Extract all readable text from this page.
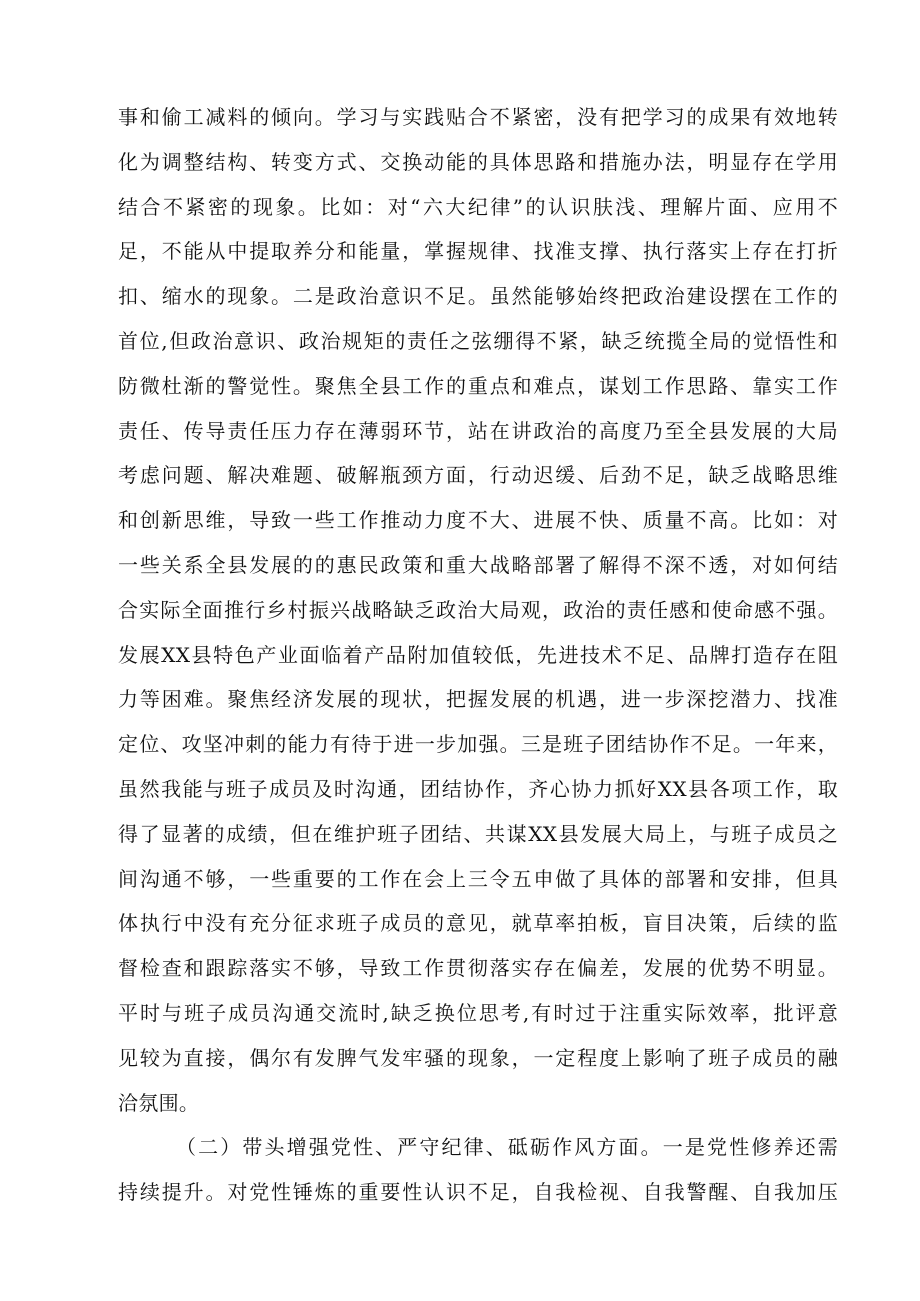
事和偷工减料的倾向。学习与实践贴合不紧密，没有把学习的成果有效地转
化为调整结构、转变方式、交换动能的具体思路和措施办法，明显存在学用
结合不紧密的现象。比如：对“六大纪律”的认识肤浅、理解片面、应用不
足，不能从中提取养分和能量，掌握规律、找准支撑、执行落实上存在打折
扣、缩水的现象。二是政治意识不足。虽然能够始终把政治建设摆在工作的
首位,但政治意识、政治规矩的责任之弦绷得不紧，缺乏统揽全局的觉悟性和
防微杜渐的警觉性。聚焦全县工作的重点和难点，谋划工作思路、靠实工作
责任、传导责任压力存在薄弱环节，站在讲政治的高度乃至全县发展的大局
考虑问题、解决难题、破解瓶颈方面，行动迟缓、后劲不足，缺乏战略思维
和创新思维，导致一些工作推动力度不大、进展不快、质量不高。比如：对
一些关系全县发展的的惠民政策和重大战略部署了解得不深不透，对如何结
合实际全面推行乡村振兴战略缺乏政治大局观，政治的责任感和使命感不强。
发展XX县特色产业面临着产品附加值较低，先进技术不足、品牌打造存在阻
力等困难。聚焦经济发展的现状，把握发展的机遇，进一步深挖潜力、找准
定位、攻坚冲刺的能力有待于进一步加强。三是班子团结协作不足。一年来，
虽然我能与班子成员及时沟通，团结协作，齐心协力抓好XX县各项工作，取
得了显著的成绩，但在维护班子团结、共谋XX县发展大局上，与班子成员之
间沟通不够，一些重要的工作在会上三令五申做了具体的部署和安排，但具
体执行中没有充分征求班子成员的意见，就草率拍板，盲目决策，后续的监
督检查和跟踪落实不够，导致工作贯彻落实存在偏差，发展的优势不明显。
平时与班子成员沟通交流时,缺乏换位思考,有时过于注重实际效率，批评意
见较为直接，偶尔有发脾气发牢骚的现象，一定程度上影响了班子成员的融
洽氛围。
（二）带头增强党性、严守纪律、砥砺作风方面。一是党性修养还需
持续提升。对党性锤炼的重要性认识不足，自我检视、自我警醒、自我加压
